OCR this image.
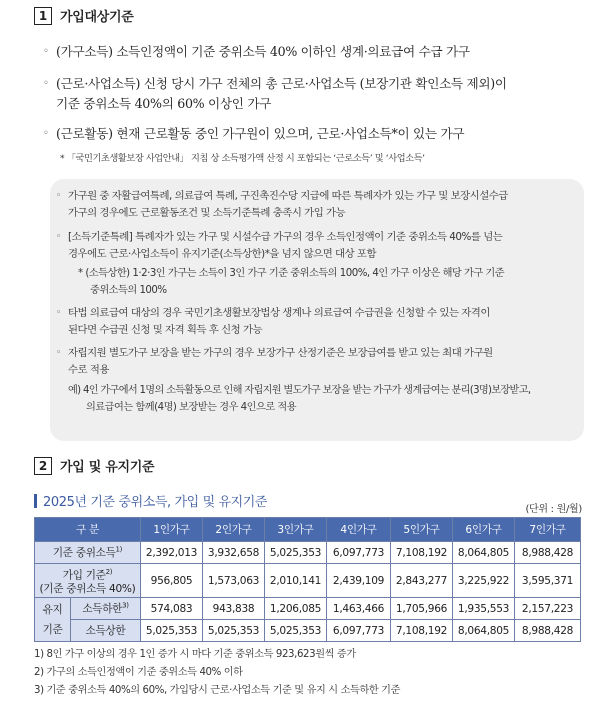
1 가입대상기준
◦ (가구소득) 소득인정액이 기준 중위소득 40% 이하인 생계·의료급여 수급 가구
◦ (근로·사업소득) 신청 당시 가구 전체의 총 근로·사업소득 (보장기관 확인소득 제외)이
기준 중위소득 40%의 60% 이상인 가구
◦ (근로활동) 현재 근로활동 중인 가구원이 있으며, 근로·사업소득*이 있는 가구
* 「국민기초생활보장 사업안내」 지침 상 소득평가액 산정 시 포함되는 ‘근로소득’ 및 ‘사업소득’
◦ 가구원 중 자활급여특례, 의료급여 특례, 구진촉진수당 지급에 따른 특례자가 있는 가구 및 보장시설수급
가구의 경우에도 근로활동조건 및 소득기준특례 충족시 가입 가능
◦ [소득기준특례] 특례자가 있는 가구 및 시설수급 가구의 경우 소득인정액이 기준 중위소득 40%를 넘는
경우에도 근로·사업소득이 유지기준(소득상한)*을 넘지 않으면 대상 포함
* (소득상한) 1·2·3인 가구는 소득이 3인 가구 기준 중위소득의 100%, 4인 가구 이상은 해당 가구 기준
중위소득의 100%
◦ 타법 의료급여 대상의 경우 국민기초생활보장법상 생계나 의료급여 수급권을 신청할 수 있는 자격이
된다면 수급권 신청 및 자격 획득 후 신청 가능
◦ 자립지원 별도가구 보장을 받는 가구의 경우 보장가구 산정기준은 보장급여를 받고 있는 최대 가구원
수로 적용
예) 4인 가구에서 1명의 소득활동으로 인해 자립지원 별도가구 보장을 받는 가구가 생계급여는 분리(3명)보장받고,
의료급여는 함께(4명) 보장받는 경우 4인으로 적용
2 가입 및 유지기준
2025년 기준 중위소득, 가입 및 유지기준	(단위 : 원/월)
구 분		1인가구	2인가구	3인가구	4인가구	5인가구	6인가구	7인가구
기준 중위소득$^{1)}$		2,392,013	3,932,658	5,025,353	6,097,773	7,108,192	8,064,805	8,988,428
가입 기준$^{2)}$
(기준 중위소득 40%)		956,805	1,573,063	2,010,141	2,439,109	2,843,277	3,225,922	3,595,371
유지
기준	소득하한$^{3)}$	574,083	943,838	1,206,085	1,463,466	1,705,966	1,935,553	2,157,223
	소득상한	5,025,353	5,025,353	5,025,353	6,097,773	7,108,192	8,064,805	8,988,428
1) 8인 가구 이상의 경우 1인 증가 시 마다 기준 중위소득 923,623원씩 증가
2) 가구의 소득인정액이 기준 중위소득 40% 이하
3) 기준 중위소득 40%의 60%, 가입당시 근로·사업소득 기준 및 유지 시 소득하한 기준
